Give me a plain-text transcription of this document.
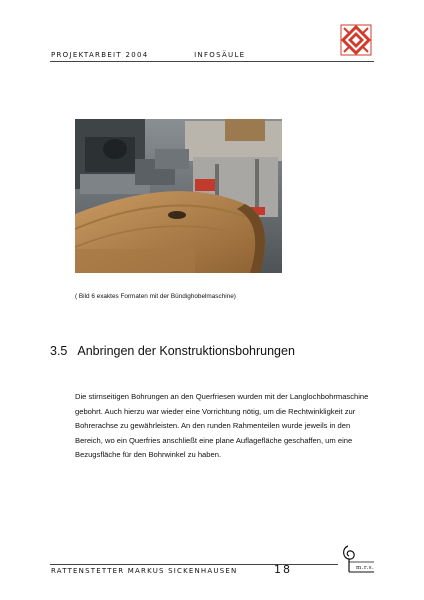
PROJEKTARBEIT 2004	INFOSÄULE
( Bild 6 exaktes Formaten mit der Bündighobelmaschine)
3.5 Anbringen der Konstruktionsbohrungen
Die stirnseitigen Bohrungen an den Querfriesen wurden mit der Langlochbohrmaschine gebohrt. Auch hierzu war wieder eine Vorrichtung nötig, um die Rechtwinkligkeit zur Bohrerachse zu gewährleisten. An den runden Rahmenteilen wurde jeweils in den Bereich, wo ein Querfries anschließt eine plane Auflagefläche geschaffen, um eine Bezugsfläche für den Bohrwinkel zu haben.
RATTENSTETTER MARKUS SICKENHAUSEN	18	m.r.s.
